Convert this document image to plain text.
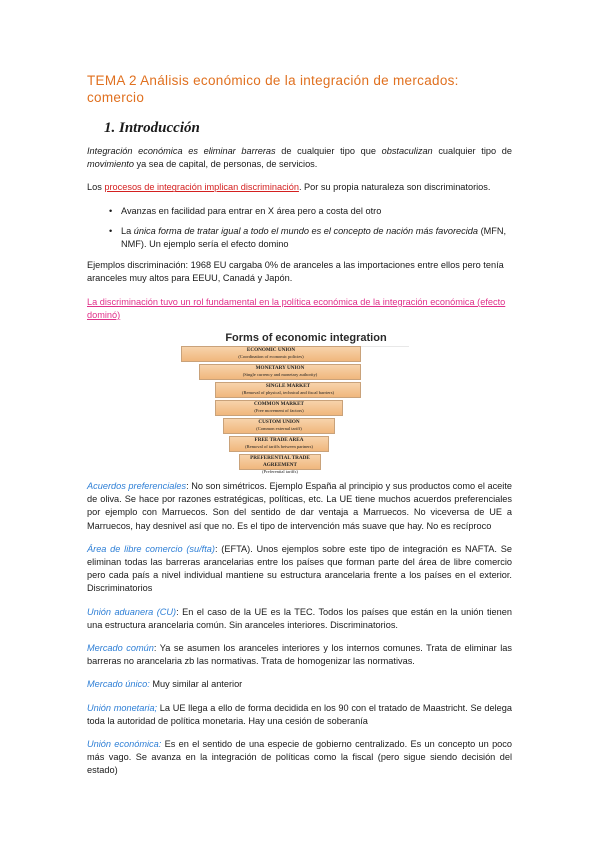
TEMA 2 Análisis económico de la integración de mercados: comercio
1. Introducción

Integración económica es eliminar barreras de cualquier tipo que obstaculizan cualquier tipo de movimiento ya sea de capital, de personas, de servicios.

Los procesos de integración implican discriminación. Por su propia naturaleza son discriminatorios.

• Avanzas en facilidad para entrar en X área pero a costa del otro
• La única forma de tratar igual a todo el mundo es el concepto de nación más favorecida (MFN, NMF). Un ejemplo sería el efecto domino

Ejemplos discriminación: 1968 EU cargaba 0% de aranceles a las importaciones entre ellos pero tenía aranceles muy altos para EEUU, Canadá y Japón.

La discriminación tuvo un rol fundamental en la política económica de la integración económica (efecto dominó)

Forms of economic integration
ECONOMIC UNION
(Coordination of economic policies)
MONETARY UNION
(Single currency and monetary authority)
SINGLE MARKET
(Removal of physical, technical and fiscal barriers)
COMMON MARKET
(Free movement of factors)
CUSTOM UNION
(Common external tariff)
FREE TRADE AREA
(Removal of tariffs between partners)
PREFERENTIAL TRADE AGREEMENT
(Preferential tariffs)

Acuerdos preferenciales: No son simétricos. Ejemplo España al principio y sus productos como el aceite de oliva. Se hace por razones estratégicas, políticas, etc. La UE tiene muchos acuerdos preferenciales por ejemplo con Marruecos. Son del sentido de dar ventaja a Marruecos. No viceversa de UE a Marruecos, hay desnivel así que no. Es el tipo de intervención más suave que hay. No es recíproco

Área de libre comercio (su/fta): (EFTA). Unos ejemplos sobre este tipo de integración es NAFTA. Se eliminan todas las barreras arancelarias entre los países que forman parte del área de libre comercio pero cada país a nivel individual mantiene su estructura arancelaria frente a los países en el exterior. Discriminatorios

Unión aduanera (CU): En el caso de la UE es la TEC. Todos los países que están en la unión tienen una estructura arancelaria común. Sin aranceles interiores. Discriminatorios.

Mercado común: Ya se asumen los aranceles interiores y los internos comunes. Trata de eliminar las barreras no arancelaria zb las normativas. Trata de homogenizar las normativas.

Mercado único: Muy similar al anterior

Unión monetaria; La UE llega a ello de forma decidida en los 90 con el tratado de Maastricht. Se delega toda la autoridad de política monetaria. Hay una cesión de soberanía

Unión económica: Es en el sentido de una especie de gobierno centralizado. Es un concepto un poco más vago. Se avanza en la integración de políticas como la fiscal (pero sigue siendo decisión del estado)
